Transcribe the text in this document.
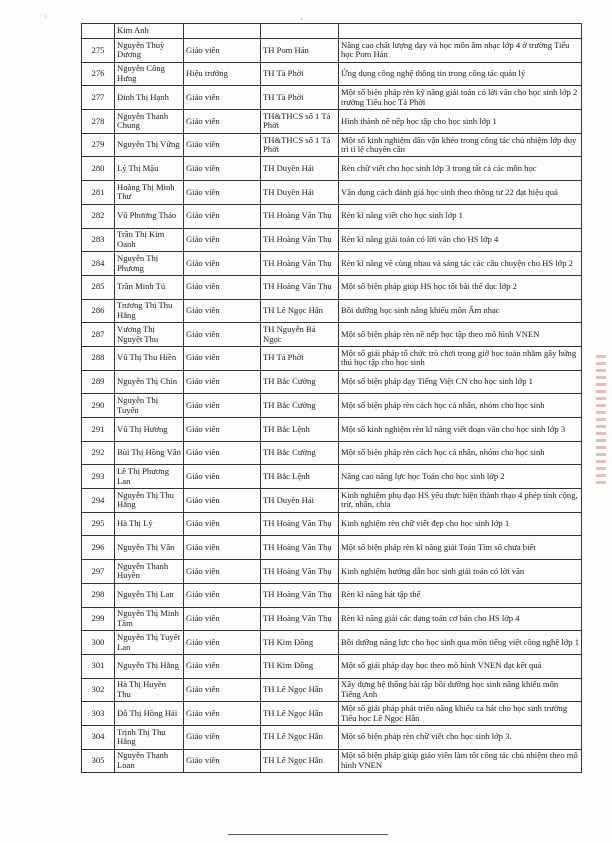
˙	·
	Kim Anh			
275	Nguyễn Thuỳ Dương	Giáo viên	TH Pom Hán	Nâng cao chất lượng dạy và học môn âm nhạc lớp 4 ở trường Tiểu học Pom Hán
276	Nguyễn Công Hưng	Hiệu trưởng	TH Tả Phời	Ứng dụng công nghệ thông tin trong công tác quản lý
277	Đinh Thị Hạnh	Giáo viên	TH Tả Phời	Một số biện pháp rèn kỹ năng giải toán có lời văn cho học sinh lớp 2 trường Tiểu học Tả Phời
278	Nguyễn Thanh Chung	Giáo viên	TH&THCS số 1 Tả Phời	Hình thành nề nếp học tập cho học sinh lớp 1
279	Nguyễn Thị Vững	Giáo viên	TH&THCS số 1 Tả Phời	Một số kinh nghiệm dân vận khéo trong công tác chủ nhiệm lớp duy trì tỉ lệ chuyên cần
280	Lý Thị Mậu	Giáo viên	TH Duyên Hải	Rèn chữ viết cho học sinh lớp 3 trong tất cả các môn học
281	Hoàng Thị Minh Thư	Giáo viên	TH Duyên Hải	Vận dụng cách đánh giá học sinh theo thông tư 22 đạt hiệu quả
282	Vũ Phương Thảo	Giáo viên	TH Hoàng Văn Thụ	Rèn kĩ năng viết cho học sinh lớp 1
283	Trần Thị Kim Oanh	Giáo viên	TH Hoàng Văn Thụ	Rèn kĩ năng giải toán có lời văn cho HS lớp 4
284	Nguyễn Thị Phương	Giáo viên	TH Hoàng Văn Thụ	Rèn kĩ năng vẽ cùng nhau và sáng tác các câu chuyện cho HS lớp 2
285	Trần Minh Tú	Giáo viên	TH Hoàng Văn Thụ	Một số biện pháp giúp HS học tốt bài thể dục lớp 2
286	Trương Thị Thu Hằng	Giáo viên	TH Lê Ngọc Hân	Bồi dưỡng học sinh năng khiếu môn Âm nhạc
287	Vương Thị Nguyệt Thu	Giáo viên	TH Nguyễn Bá Ngọc	Một số biện pháp rèn nề nếp học tập theo mô hình VNEN
288	Vũ Thị Thu Hiền	Giáo viên	TH Tả Phời	Một số giải pháp tổ chức trò chơi trong giờ học toán nhằm gây hứng thú học tập cho học sinh
289	Nguyễn Thị Chín	Giáo viên	TH Bắc Cường	Một số biện pháp dạy Tiếng Việt CN cho học sinh lớp 1
290	Nguyễn Thị Tuyến	Giáo viên	TH Bắc Cường	Một số biện pháp rèn cách học cá nhân, nhóm cho học sinh
291	Vũ Thị Hương	Giáo viên	TH Bắc Lệnh	Một số kinh nghiệm rèn kĩ năng viết đoạn văn cho học sinh lớp 3
292	Bùi Thị Hồng Vân	Giáo viên	TH Bắc Cường	Một số biện pháp rèn cách học cá nhân, nhóm cho học sinh
293	Lê Thị Phương Lan	Giáo viên	TH Bắc Lệnh	Nâng cao năng lực học Toán cho học sinh lớp 2
294	Nguyễn Thị Thu Hằng	Giáo viên	TH Duyên Hải	Kinh nghiệm phụ đạo HS yếu thực hiện thành thạo 4 phép tính cộng, trừ, nhân, chia
295	Hà Thị Lý	Giáo viên	TH Hoàng Văn Thụ	Kinh nghiệm rèn chữ viết đẹp cho học sinh lớp 1
296	Nguyễn Thị Vân	Giáo viên	TH Hoàng Văn Thụ	Một số biện pháp rèn kĩ năng giải Toán Tìm số chưa biết
297	Nguyễn Thanh Huyền	Giáo viên	TH Hoàng Văn Thụ	Kinh nghiệm hướng dẫn học sinh giải toán có lời văn
298	Nguyễn Thị Lan	Giáo viên	TH Hoàng Văn Thụ	Rèn kĩ năng hát tập thể
299	Nguyễn Thị Minh Tâm	Giáo viên	TH Hoàng Văn Thụ	Rèn kĩ năng giải các dạng toán cơ bản cho HS lớp 4
300	Nguyễn Thị Tuyết Lan	Giáo viên	TH Kim Đồng	Bồi dưỡng năng lực cho học sinh qua môn tiếng việt công nghệ lớp 1
301	Nguyễn Thị Hằng	Giáo viên	TH Kim Đồng	Một số giải pháp dạy học theo mô hình VNEN đạt kết quả
302	Hà Thị Huyền Thu	Giáo viên	TH Lê Ngọc Hân	Xây dựng hệ thống bài tập bồi dưỡng học sinh năng khiếu môn Tiếng Anh
303	Đỗ Thị Hồng Hải	Giáo viên	TH Lê Ngọc Hân	Một số giải pháp phát triển năng khiếu ca hát cho học sinh trường Tiểu học Lê Ngọc Hân
304	Trịnh Thị Thu Hằng	Giáo viên	TH Lê Ngọc Hân	Một số biện pháp rèn chữ viết cho học sinh lớp 3.
305	Nguyễn Thanh Loan	Giáo viên	TH Lê Ngọc Hân	Một số biện pháp giúp giáo viên làm tốt công tác chủ nhiệm theo mô hình VNEN
